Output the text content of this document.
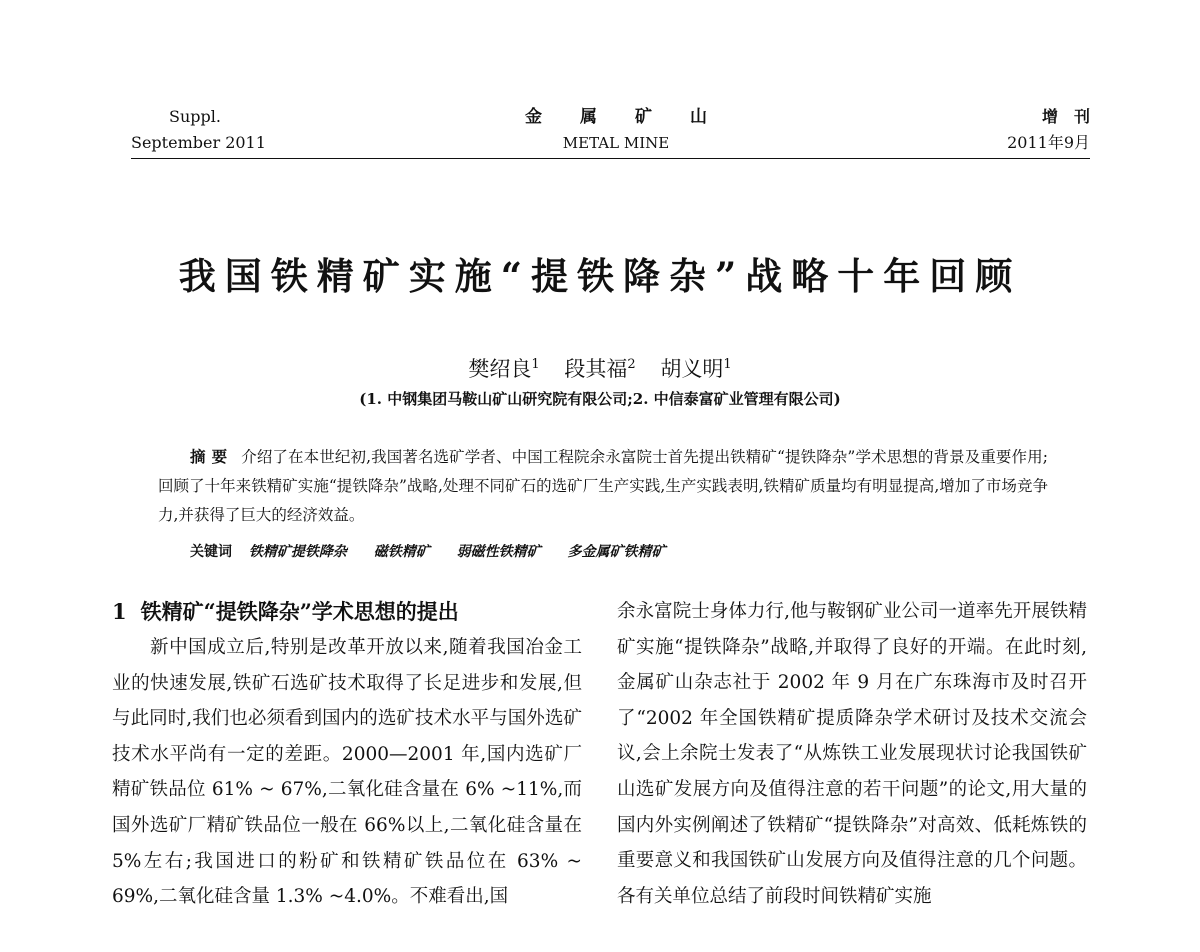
Suppl.
September 2011
金属矿山
METAL MINE
增刊
2011年9月
我国铁精矿实施“提铁降杂”战略十年回顾
樊绍良$^1$ 段其福$^2$ 胡义明$^1$
(1. 中钢集团马鞍山矿山研究院有限公司;2. 中信泰富矿业管理有限公司)
摘要 介绍了在本世纪初,我国著名选矿学者、中国工程院余永富院士首先提出铁精矿“提铁降杂”学术思想的背景及重要作用;回顾了十年来铁精矿实施“提铁降杂”战略,处理不同矿石的选矿厂生产实践,生产实践表明,铁精矿质量均有明显提高,增加了市场竞争力,并获得了巨大的经济效益。
关键词 铁精矿提铁降杂 磁铁精矿 弱磁性铁精矿 多金属矿铁精矿
1 铁精矿“提铁降杂”学术思想的提出

新中国成立后,特别是改革开放以来,随着我国冶金工业的快速发展,铁矿石选矿技术取得了长足进步和发展,但与此同时,我们也必须看到国内的选矿技术水平与国外选矿技术水平尚有一定的差距。2000—2001 年,国内选矿厂精矿铁品位 61% ~ 67%,二氧化硅含量在 6% ~11%,而国外选矿厂精矿铁品位一般在 66%以上,二氧化硅含量在 5%左右;我国进口的粉矿和铁精矿铁品位在 63% ~ 69%,二氧化硅含量 1.3% ~4.0%。不难看出,国

余永富院士身体力行,他与鞍钢矿业公司一道率先开展铁精矿实施“提铁降杂”战略,并取得了良好的开端。在此时刻,金属矿山杂志社于 2002 年 9 月在广东珠海市及时召开了“2002 年全国铁精矿提质降杂学术研讨及技术交流会议,会上余院士发表了“从炼铁工业发展现状讨论我国铁矿山选矿发展方向及值得注意的若干问题”的论文,用大量的国内外实例阐述了铁精矿“提铁降杂”对高效、低耗炼铁的重要意义和我国铁矿山发展方向及值得注意的几个问题。各有关单位总结了前段时间铁精矿实施
